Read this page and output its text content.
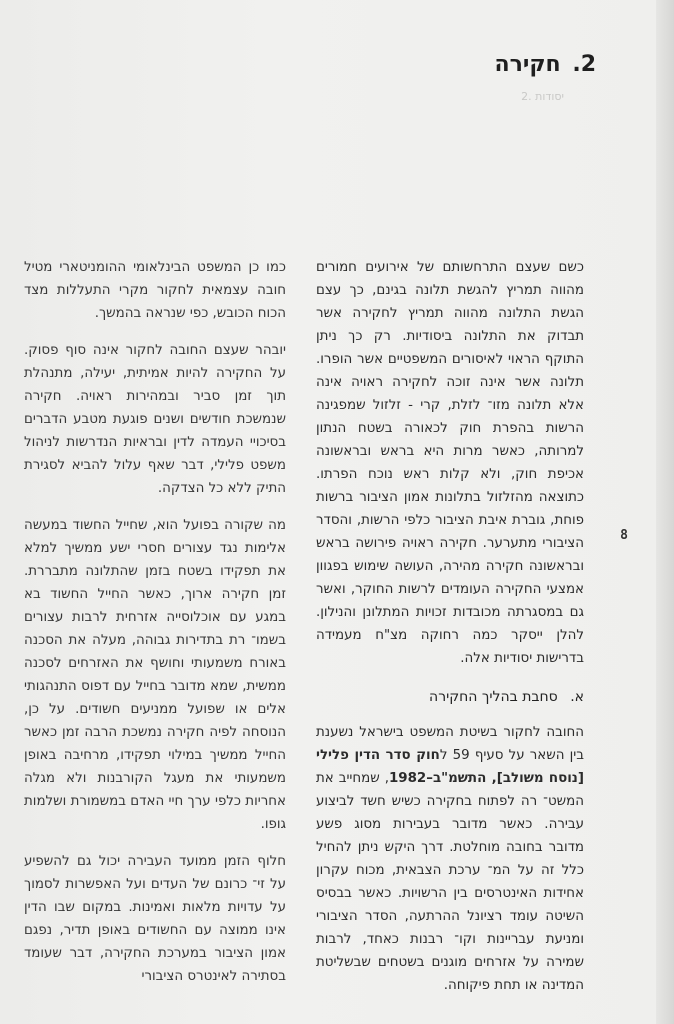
2. חקירה
יסודות .2
8

כשם שעצם התרחשותם של אירועים חמורים מהווה תמריץ להגשת תלונה בגינם, כך עצם הגשת התלונה מהווה תמריץ לחקירה אשר תבדוק את התלונה ביסודיות. רק כך ניתן התוקף הראוי לאיסורים המשפטיים אשר הופרו. תלונה אשר אינה זוכה לחקירה ראויה אינה אלא תלונה מזו־ לזלת, קרי - זלזול שמפגינה הרשות בהפרת חוק לכאורה בשטח הנתון למרותה, כאשר מרות היא בראש ובראשונה אכיפת חוק, ולא קלות ראש נוכח הפרתו. כתוצאה מהזלזול בתלונות אמון הציבור ברשות פוחת, גוברת איבת הציבור כלפי הרשות, והסדר הציבורי מתערער. חקירה ראויה פירושה בראש ובראשונה חקירה מהירה, העושה שימוש בפגוון אמצעי החקירה העומדים לרשות החוקר, ואשר גם במסגרתה מכובדות זכויות המתלונן והנילון. להלן ייסקר כמה רחוקה מצ"ח מעמידה בדרישות יסודיות אלה.

א. סחבת בהליך החקירה

החובה לחקור בשיטת המשפט בישראל נשענת בין השאר על סעיף 59 לחוק סדר הדין פלילי [נוסח משולב], התשמ"ב–1982, שמחייב את המשט־ רה לפתוח בחקירה כשיש חשד לביצוע עבירה. כאשר מדובר בעבירות מסוג פשע מדובר בחובה מוחלטת. דרך היקש ניתן להחיל כלל זה על המ־ ערכת הצבאית, מכוח עקרון אחידות האינטרסים בין הרשויות. כאשר בבסיס השיטה עומד רציונל ההרתעה, הסדר הציבורי ומניעת עבריינות וקו־ רבנות כאחד, לרבות שמירה על אזרחים מוגנים בשטחים שבשליטת המדינה או תחת פיקוחה.

כמו כן המשפט הבינלאומי ההומניטארי מטיל חובה עצמאית לחקור מקרי התעללות מצד הכוח הכובש, כפי שנראה בהמשך.

יובהר שעצם החובה לחקור אינה סוף פסוק. על החקירה להיות אמיתית, יעילה, מתנהלת תוך זמן סביר ובמהירות ראויה. חקירה שנמשכת חודשים ושנים פוגעת מטבע הדברים בסיכויי העמדה לדין ובראיות הנדרשות לניהול משפט פלילי, דבר שאף עלול להביא לסגירת התיק ללא כל הצדקה.

מה שקורה בפועל הוא, שחייל החשוד במעשה אלימות נגד עצורים חסרי ישע ממשיך למלא את תפקידו בשטח בזמן שהתלונה מתבררת. זמן חקירה ארוך, כאשר החייל החשוד בא במגע עם אוכלוסייה אזרחית לרבות עצורים בשמו־ רת בתדירות גבוהה, מעלה את הסכנה באורח משמעותי וחושף את האזרחים לסכנה ממשית, שמא מדובר בחייל עם דפוס התנהגותי אלים או שפועל ממניעים חשודים. על כן, הנוסחה לפיה חקירה נמשכת הרבה זמן כאשר החייל ממשיך במילוי תפקידו, מרחיבה באופן משמעותי את מעגל הקורבנות ולא מגלה אחריות כלפי ערך חיי האדם במשמורת ושלמות גופו.

חלוף הזמן ממועד העבירה יכול גם להשפיע על זי־ כרונם של העדים ועל האפשרות לסמוך על עדויות מלאות ואמינות. במקום שבו הדין אינו ממוצה עם החשודים באופן תדיר, נפגם אמון הציבור במערכת החקירה, דבר שעומד בסתירה לאינטרס הציבורי
